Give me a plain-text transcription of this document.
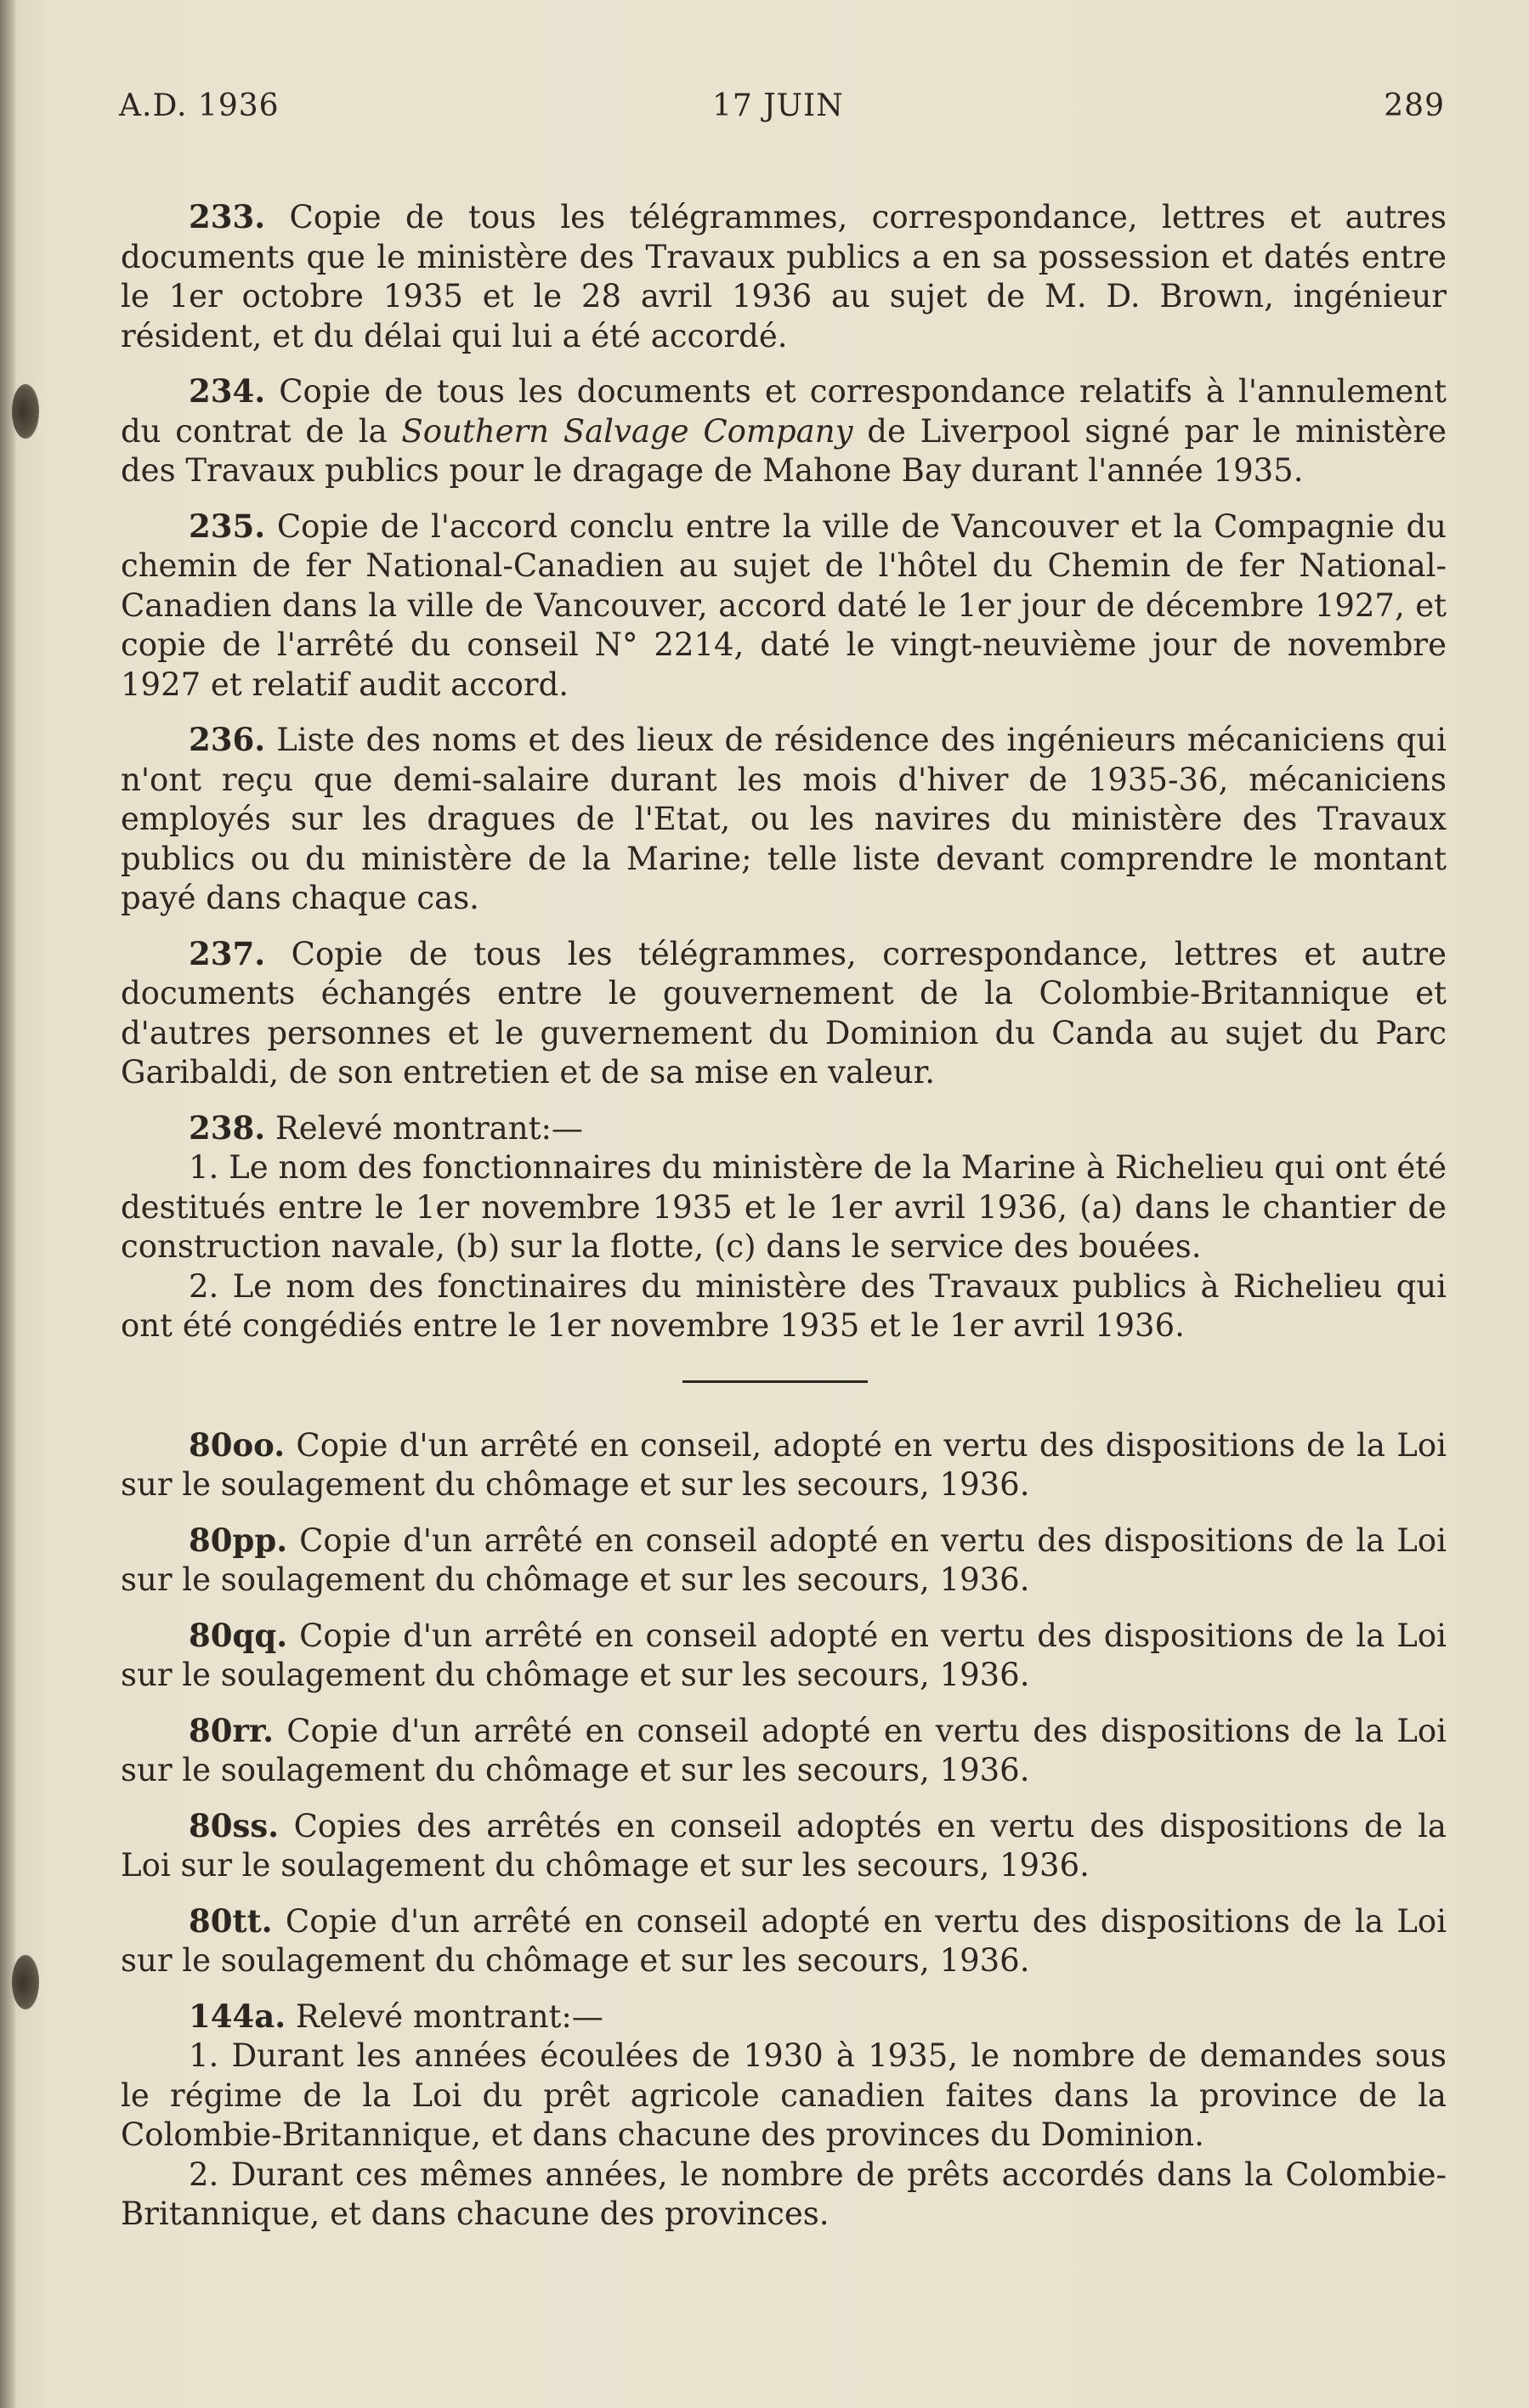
A.D. 1936	17 JUIN	289

233. Copie de tous les télégrammes, correspondance, lettres et autres documents que le ministère des Travaux publics a en sa possession et datés entre le 1er octobre 1935 et le 28 avril 1936 au sujet de M. D. Brown, ingénieur résident, et du délai qui lui a été accordé.

234. Copie de tous les documents et correspondance relatifs à l'annulement du contrat de la Southern Salvage Company de Liverpool signé par le ministère des Travaux publics pour le dragage de Mahone Bay durant l'année 1935.

235. Copie de l'accord conclu entre la ville de Vancouver et la Compagnie du chemin de fer National-Canadien au sujet de l'hôtel du Chemin de fer National-Canadien dans la ville de Vancouver, accord daté le 1er jour de décembre 1927, et copie de l'arrêté du conseil N° 2214, daté le vingt-neuvième jour de novembre 1927 et relatif audit accord.

236. Liste des noms et des lieux de résidence des ingénieurs mécaniciens qui n'ont reçu que demi-salaire durant les mois d'hiver de 1935-36, mécaniciens employés sur les dragues de l'Etat, ou les navires du ministère des Travaux publics ou du ministère de la Marine; telle liste devant comprendre le montant payé dans chaque cas.

237. Copie de tous les télégrammes, correspondance, lettres et autre documents échangés entre le gouvernement de la Colombie-Britannique et d'autres personnes et le guvernement du Dominion du Canda au sujet du Parc Garibaldi, de son entretien et de sa mise en valeur.

238. Relevé montrant:—

1. Le nom des fonctionnaires du ministère de la Marine à Richelieu qui ont été destitués entre le 1er novembre 1935 et le 1er avril 1936, (a) dans le chantier de construction navale, (b) sur la flotte, (c) dans le service des bouées.

2. Le nom des fonctinaires du ministère des Travaux publics à Richelieu qui ont été congédiés entre le 1er novembre 1935 et le 1er avril 1936.

80oo. Copie d'un arrêté en conseil, adopté en vertu des dispositions de la Loi sur le soulagement du chômage et sur les secours, 1936.

80pp. Copie d'un arrêté en conseil adopté en vertu des dispositions de la Loi sur le soulagement du chômage et sur les secours, 1936.

80qq. Copie d'un arrêté en conseil adopté en vertu des dispositions de la Loi sur le soulagement du chômage et sur les secours, 1936.

80rr. Copie d'un arrêté en conseil adopté en vertu des dispositions de la Loi sur le soulagement du chômage et sur les secours, 1936.

80ss. Copies des arrêtés en conseil adoptés en vertu des dispositions de la Loi sur le soulagement du chômage et sur les secours, 1936.

80tt. Copie d'un arrêté en conseil adopté en vertu des dispositions de la Loi sur le soulagement du chômage et sur les secours, 1936.

144a. Relevé montrant:—

1. Durant les années écoulées de 1930 à 1935, le nombre de demandes sous le régime de la Loi du prêt agricole canadien faites dans la province de la Colombie-Britannique, et dans chacune des provinces du Dominion.

2. Durant ces mêmes années, le nombre de prêts accordés dans la Colombie-Britannique, et dans chacune des provinces.
